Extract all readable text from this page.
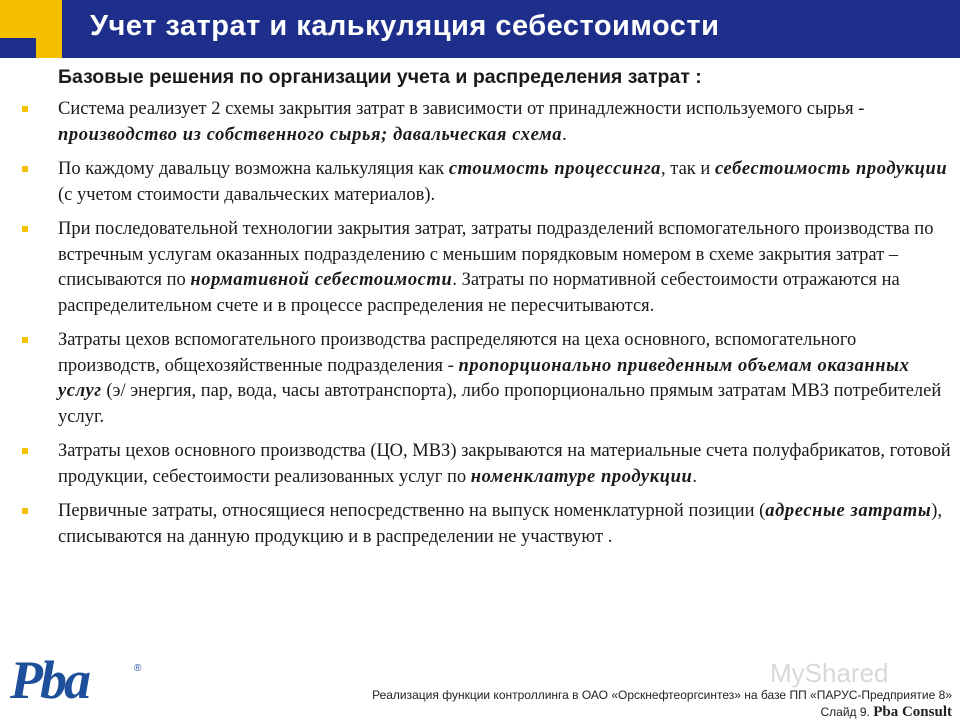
Учет затрат и калькуляция себестоимости
Базовые решения по организации учета и распределения затрат :
Система реализует 2 схемы закрытия затрат в зависимости от принадлежности используемого сырья - производство из собственного сырья; давальческая схема.
По каждому давальцу возможна калькуляция как стоимость процессинга, так и себестоимость продукции (с учетом стоимости давальческих материалов).
При последовательной технологии закрытия затрат, затраты подразделений вспомогательного производства по встречным услугам оказанных подразделению с меньшим порядковым номером в схеме закрытия затрат – списываются по нормативной себестоимости. Затраты по нормативной себестоимости отражаются на распределительном счете и в процессе распределения не пересчитываются.
Затраты цехов вспомогательного производства распределяются на цеха основного, вспомогательного производств, общехозяйственные подразделения - пропорционально приведенным объемам оказанных услуг (э/ энергия, пар, вода, часы автотранспорта), либо пропорционально прямым затратам МВЗ потребителей услуг.
Затраты цехов основного производства (ЦО, МВЗ) закрываются на материальные счета полуфабрикатов, готовой продукции, себестоимости реализованных услуг по номенклатуре продукции.
Первичные затраты, относящиеся непосредственно на выпуск номенклатурной позиции (адресные затраты), списываются на данную продукцию и в распределении не участвуют .
Pba	®	MyShared
Реализация функции контроллинга в ОАО «Орскнефтеоргсинтез» на базе ПП «ПАРУС-Предприятие 8»
Слайд 9. Pba Consult
